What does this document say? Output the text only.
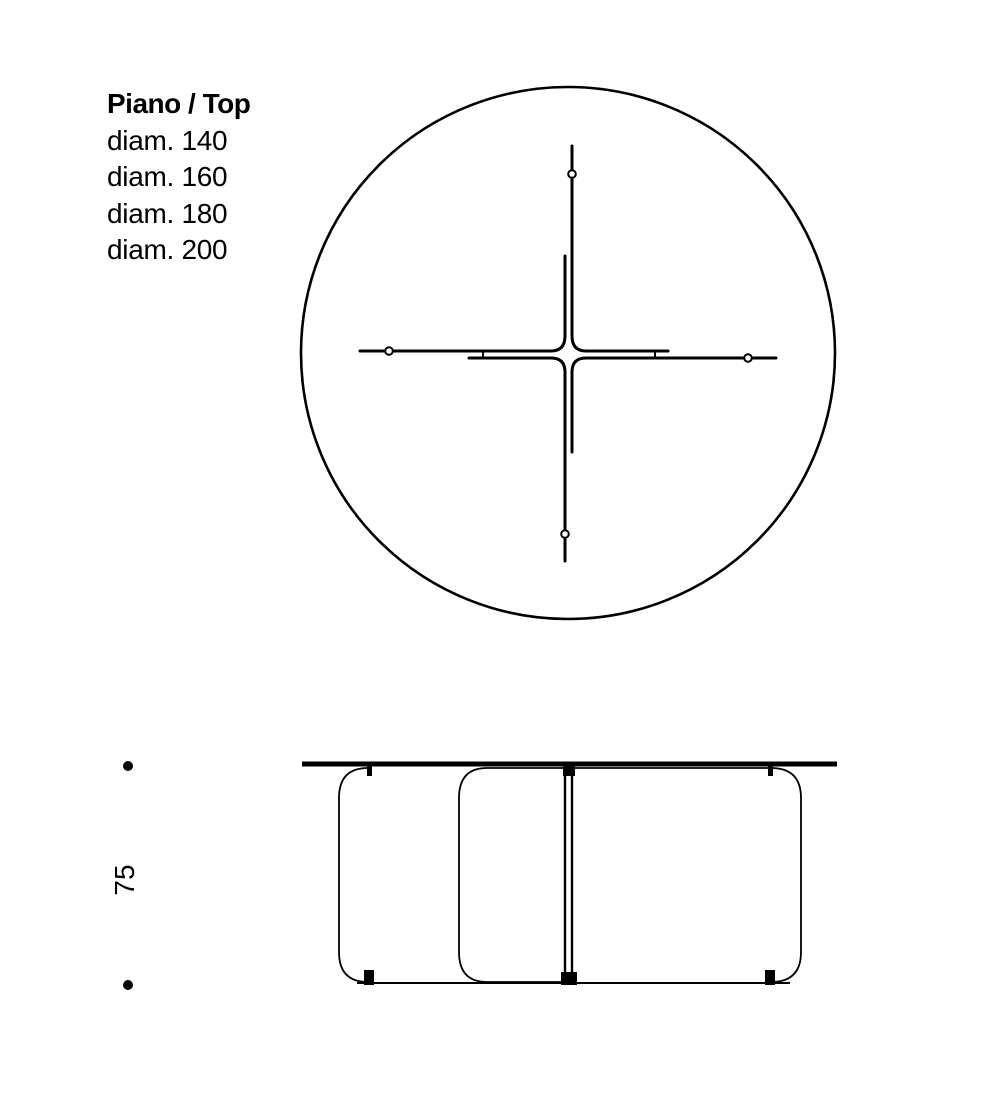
Piano / Top
diam. 140
diam. 160
diam. 180
diam. 200
75
